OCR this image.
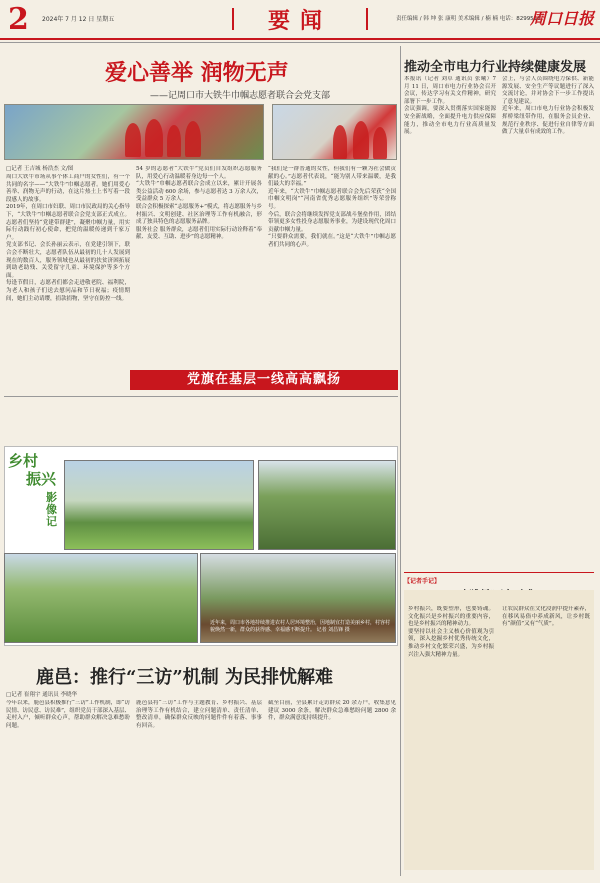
2 2024年 7 月 12 日 星期五	要闻	责任编辑 / 韩 坤 张 康明 美术编辑 / 楠 楠 电话：8299516
周口日报
爱心善举 润物无声
——记周口市大铁牛巾帼志愿者联合会党支部
□记者 王吉城 杨浩杰 文/图

周口大铁牛市场从事个体工商户的女性们，有一个共同的名字——“大铁牛”巾帼志愿者。她们用爱心善举、润物无声的行动，在这片热土上书写着一段段感人的故事。

2019年，在周口市妇联、周口市民政局的关心指导下，“大铁牛”巾帼志愿者联合会党支部正式成立。志愿者们坚持“党建带群建”，凝聚巾帼力量，用实际行动践行初心使命，把党的温暖传递到千家万户。

党支部书记、会长孙丽云表示，在党建引领下，联合会不断壮大，志愿者队伍从最初的几十人发展到现在的数百人，服务领域也从最初的扶贫济困拓展到助老助残、关爱留守儿童、环境保护等多个方面。

每逢节假日，志愿者们都会走进敬老院、福利院，为老人和孩子们送去慰问品和节日祝福；疫情期间，她们主动请缨，捐款捐物，坚守在防控一线。

54 岁的志愿者“大铁牛”党员们自发组织志愿服务队，用爱心行动温暖着身边每一个人。

“大铁牛”巾帼志愿者联合会成立以来，累计开展各类公益活动 600 余场，参与志愿者达 3 万余人次，受益群众 5 万余人。

联合会积极探索“志愿服务+”模式，将志愿服务与乡村振兴、文明创建、社区治理等工作有机融合，形成了独具特色的志愿服务品牌。

服务社会 服务群众，志愿者们用实际行动诠释着“奉献、友爱、互助、进步”的志愿精神。

“我们是一群普通的女性，但我们有一颗为社会做贡献的心。”志愿者代表说，“能为别人带来温暖，是我们最大的幸福。”

近年来，“大铁牛”巾帼志愿者联合会先后荣获“全国巾帼文明岗”“河南省优秀志愿服务组织”等荣誉称号。

今后，联合会将继续发挥党支部战斗堡垒作用，团结带领更多女性投身志愿服务事业，为建设现代化周口贡献巾帼力量。

“只要群众需要，我们就在。”这是“大铁牛”巾帼志愿者们共同的心声。

党旗在基层一线高高飘扬
乡村
振兴
影像记
近年来，周口市各地持续推进农村人居环境整治，因地制宜打造美丽乡村，村容村貌焕然一新，群众的获得感、幸福感不断提升。 记者 刘昌锋 摄
鹿邑：推行“三访”机制 为民排忧解难
□记者 崔翔宇 通讯员 李晓华

今年以来，鹿邑县积极推行“三访”工作机制，即“访民情、访民意、访民难”，组织党员干部深入基层、走村入户，倾听群众心声，帮助群众解决急难愁盼问题。

鹿邑县将“三访”工作与主题教育、乡村振兴、基层治理等工作有机结合，建立问题清单、责任清单、整改清单，确保群众反映的问题件件有着落、事事有回音。

截至目前，全县累计走访群众 20 余万户，收集意见建议 3000 余条，解决群众急难愁盼问题 2800 余件，群众满意度持续提升。

推动全市电力行业持续健康发展

本报讯（记者 刘卓 通讯员 张曦）7 月 11 日，周口市电力行业协会召开会议，传达学习有关文件精神，研究部署下一步工作。

会议强调，要深入贯彻落实国家能源安全新战略，全面提升电力供应保障能力，推动全市电力行业高质量发展。

会上，与会人员围绕电力保供、新能源发展、安全生产等议题进行了深入交流讨论，并对协会下一步工作提出了意见建议。

近年来，周口市电力行业协会积极发挥桥梁纽带作用，在服务会员企业、规范行业秩序、促进行业自律等方面做了大量卓有成效的工作。

【记者手记】

乡村振兴，既要塑形，也要铸魂。文化振兴是乡村振兴的重要内容，也是乡村振兴的精神动力。

要坚持以社会主义核心价值观为引领，深入挖掘乡村优秀传统文化，推动乡村文化繁荣兴盛，为乡村振兴注入强大精神力量。

让农民群众在文化浸润中提升素养，在移风易俗中养成新风，让乡村既有“颜值”又有“气质”。
